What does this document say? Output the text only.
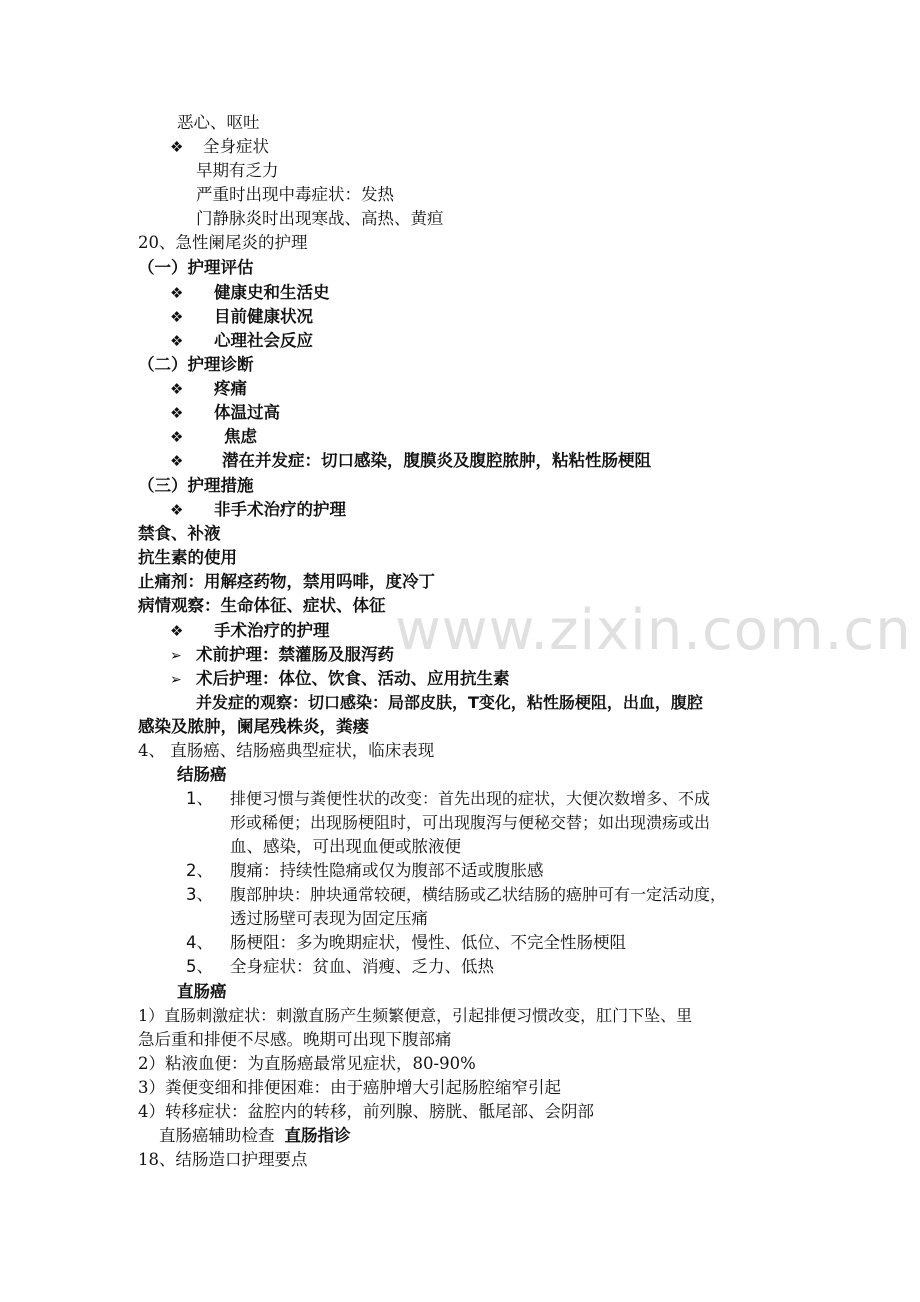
www.zixin.com.cn
恶心、呕吐
❖ 全身症状
早期有乏力
严重时出现中毒症状：发热
门静脉炎时出现寒战、高热、黄疸
20、急性阑尾炎的护理
（一）护理评估
❖ 健康史和生活史
❖ 目前健康状况
❖ 心理社会反应
（二）护理诊断
❖ 疼痛
❖ 体温过高
❖ 焦虑
❖ 潜在并发症：切口感染，腹膜炎及腹腔脓肿，粘粘性肠梗阻
（三）护理措施
❖ 非手术治疗的护理
禁食、补液
抗生素的使用
止痛剂：用解痉药物，禁用吗啡，度冷丁
病情观察：生命体征、症状、体征
❖ 手术治疗的护理
➢ 术前护理：禁灌肠及服泻药
➢ 术后护理：体位、饮食、活动、应用抗生素
并发症的观察：切口感染：局部皮肤，T变化，粘性肠梗阻，出血，腹腔
感染及脓肿，阑尾残株炎，粪瘘
4、 直肠癌、结肠癌典型症状，临床表现
结肠癌
1、 排便习惯与粪便性状的改变：首先出现的症状，大便次数增多、不成
形或稀便；出现肠梗阻时，可出现腹泻与便秘交替；如出现溃疡或出
血、感染，可出现血便或脓液便
2、 腹痛：持续性隐痛或仅为腹部不适或腹胀感
3、 腹部肿块：肿块通常较硬，横结肠或乙状结肠的癌肿可有一定活动度，
透过肠壁可表现为固定压痛
4、 肠梗阻：多为晚期症状，慢性、低位、不完全性肠梗阻
5、 全身症状：贫血、消瘦、乏力、低热
直肠癌
1）直肠刺激症状：刺激直肠产生频繁便意，引起排便习惯改变，肛门下坠、里
急后重和排便不尽感。晚期可出现下腹部痛
2）粘液血便：为直肠癌最常见症状，80-90%
3）粪便变细和排便困难：由于癌肿增大引起肠腔缩窄引起
4）转移症状：盆腔内的转移，前列腺、膀胱、骶尾部、会阴部
直肠癌辅助检查 直肠指诊
18、结肠造口护理要点
